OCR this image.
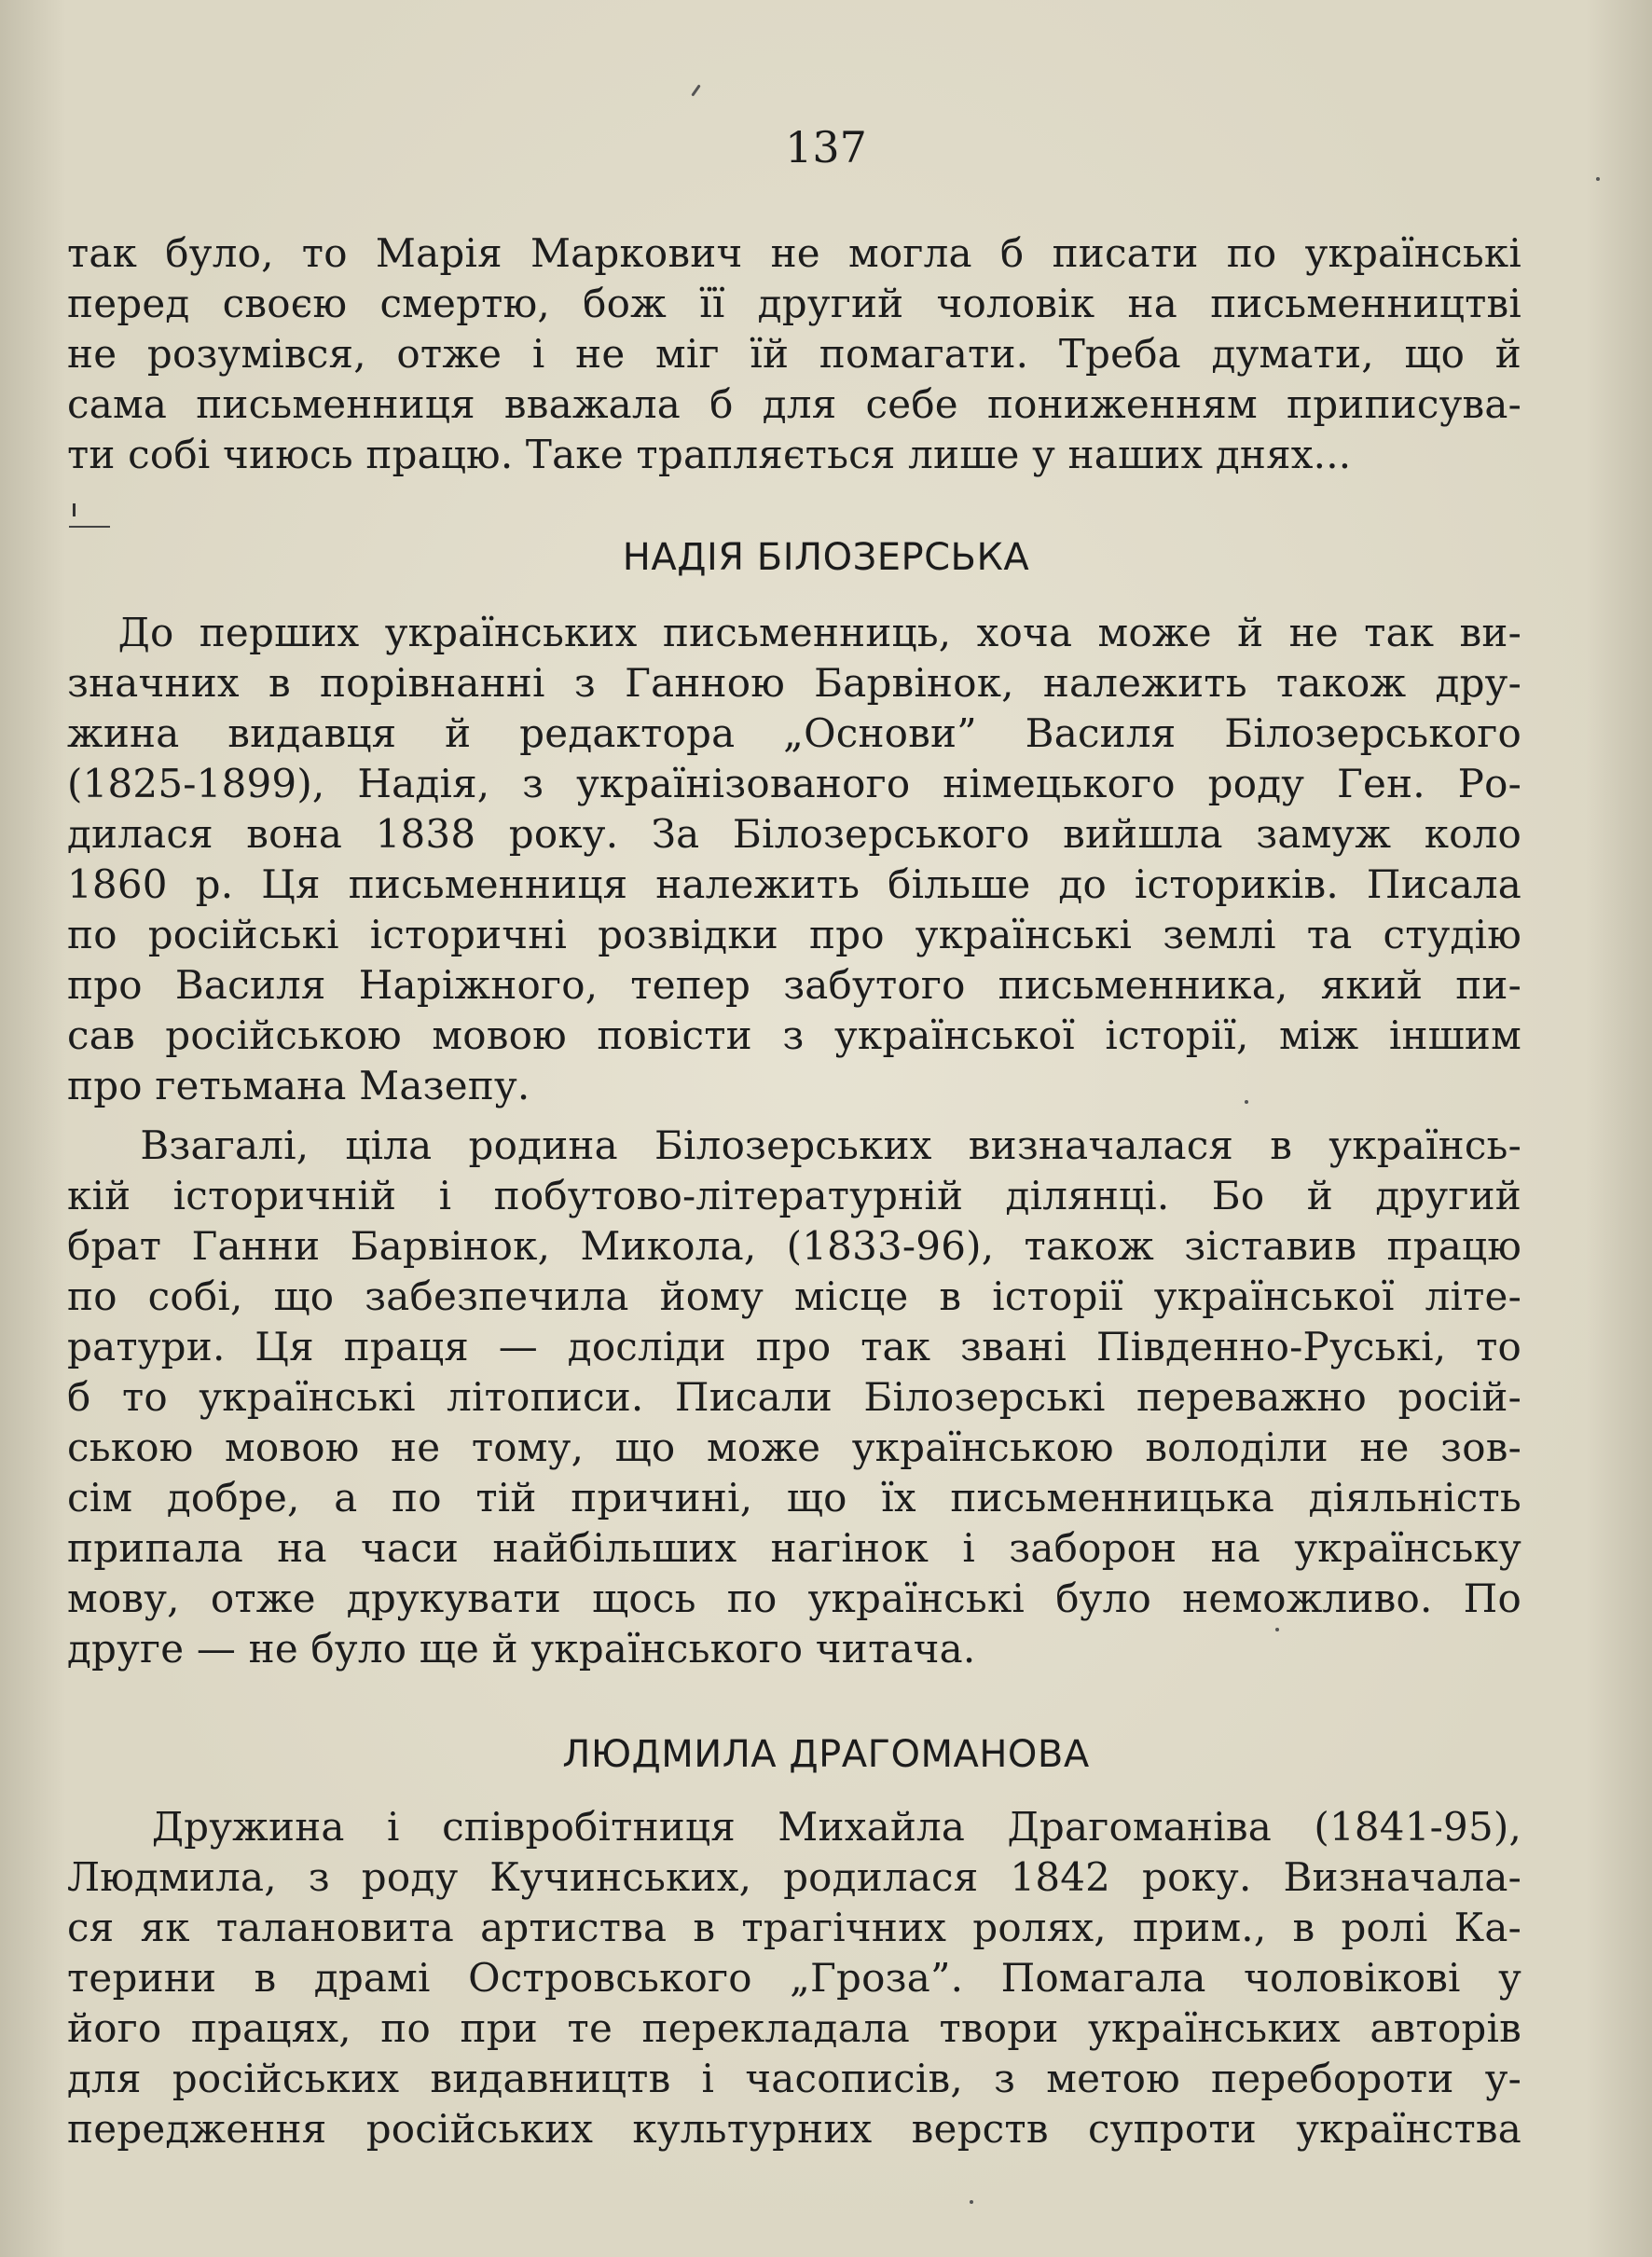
137
так було, то Марія Маркович не могла б писати по українські
перед своєю смертю, бож її другий чоловік на письменництві
не розумівся, отже і не міг їй помагати. Треба думати, що й
сама письменниця вважала б для себе пониженням приписува-
ти собі чиюсь працю. Таке трапляється лише у наших днях...
НАДІЯ БІЛОЗЕРСЬКА
До перших українських письменниць, хоча може й не так ви-
значних в порівнанні з Ганною Барвінок, належить також дру-
жина видавця й редактора „Основи” Василя Білозерського
(1825-1899), Надія, з українізованого німецького роду Ген. Ро-
дилася вона 1838 року. За Білозерського вийшла замуж коло
1860 р. Ця письменниця належить більше до істориків. Писала
по російські історичні розвідки про українські землі та студію
про Василя Наріжного, тепер забутого письменника, який пи-
сав російською мовою повісти з української історії, між іншим
про гетьмана Мазепу.
Взагалі, ціла родина Білозерських визначалася в українсь-
кій історичній і побутово-літературній ділянці. Бо й другий
брат Ганни Барвінок, Микола, (1833-96), також зіставив працю
по собі, що забезпечила йому місце в історії української літе-
ратури. Ця праця — досліди про так звані Південно-Руські, то
б то українські літописи. Писали Білозерські переважно росій-
ською мовою не тому, що може українською володіли не зов-
сім добре, а по тій причині, що їх письменницька діяльність
припала на часи найбільших нагінок і заборон на українську
мову, отже друкувати щось по українські було неможливо. По
друге — не було ще й українського читача.
ЛЮДМИЛА ДРАГОМАНОВА
Дружина і співробітниця Михайла Драгоманіва (1841-95),
Людмила, з роду Кучинських, родилася 1842 року. Визначала-
ся як талановита артиства в трагічних ролях, прим., в ролі Ка-
терини в драмі Островського „Гроза”. Помагала чоловікові у
його працях, по при те перекладала твори українських авторів
для російських видавництв і часописів, з метою перебороти у-
передження російських культурних верств супроти українства
